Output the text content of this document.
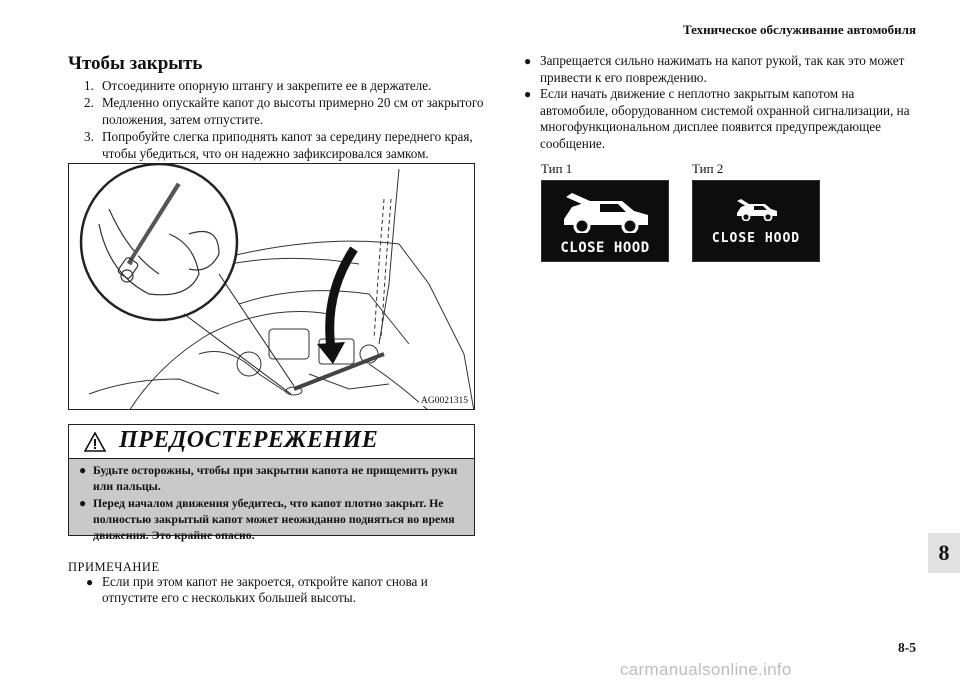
Техническое обслуживание автомобиля
Чтобы закрыть
1. Отсоедините опорную штангу и закрепите ее в держателе.
2. Медленно опускайте капот до высоты примерно 20 см от закрытого положения, затем отпустите.
3. Попробуйте слегка приподнять капот за середину переднего края, чтобы убедиться, что он надежно зафиксировался замком.
AG0021315
ПРЕДОСТЕРЕЖЕНИЕ
● Будьте осторожны, чтобы при закрытии капота не прищемить руки или пальцы.
● Перед началом движения убедитесь, что капот плотно закрыт. Не полностью закрытый капот может неожиданно подняться во время движения. Это крайне опасно.
ПРИМЕЧАНИЕ
● Если при этом капот не закроется, откройте капот снова и отпустите его с нескольких большей высоты.
● Запрещается сильно нажимать на капот рукой, так как это может привести к его повреждению.
● Если начать движение с неплотно закрытым капотом на автомобиле, оборудованном системой охранной сигнализации, на многофункциональном дисплее появится предупреждающее сообщение.
Тип 1	Тип 2
CLOSE HOOD
CLOSE HOOD
8
8-5
carmanualsonline.info
